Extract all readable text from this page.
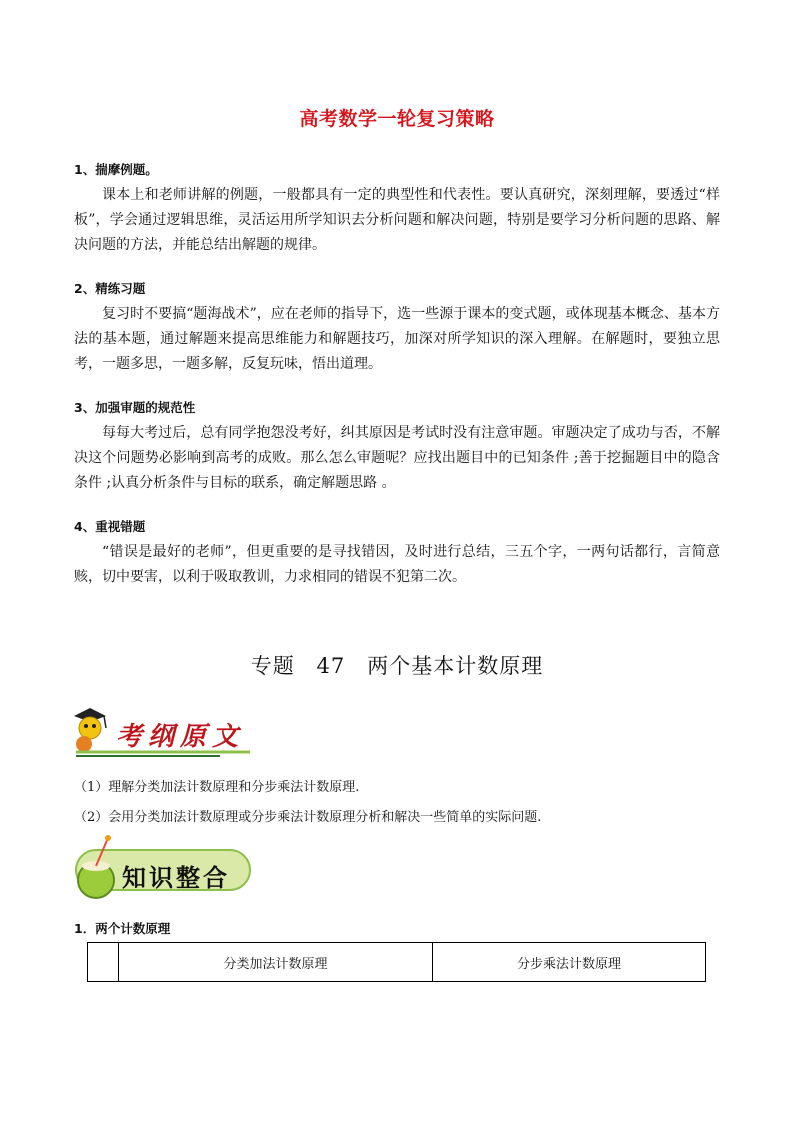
高考数学一轮复习策略
1、揣摩例题。
课本上和老师讲解的例题，一般都具有一定的典型性和代表性。要认真研究，深刻理解，要透过“样板”，学会通过逻辑思维，灵活运用所学知识去分析问题和解决问题，特别是要学习分析问题的思路、解决问题的方法，并能总结出解题的规律。
2、精练习题
复习时不要搞“题海战术”，应在老师的指导下，选一些源于课本的变式题，或体现基本概念、基本方法的基本题，通过解题来提高思维能力和解题技巧，加深对所学知识的深入理解。在解题时，要独立思考，一题多思，一题多解，反复玩味，悟出道理。
3、加强审题的规范性
每每大考过后，总有同学抱怨没考好，纠其原因是考试时没有注意审题。审题决定了成功与否，不解决这个问题势必影响到高考的成败。那么怎么审题呢？应找出题目中的已知条件 ;善于挖掘题目中的隐含条件 ;认真分析条件与目标的联系，确定解题思路 。
4、重视错题
“错误是最好的老师”，但更重要的是寻找错因，及时进行总结，三五个字，一两句话都行，言简意赅，切中要害，以利于吸取教训，力求相同的错误不犯第二次。
专题 47　两个基本计数原理
考纲原文
（1）理解分类加法计数原理和分步乘法计数原理.
（2）会用分类加法计数原理或分步乘法计数原理分析和解决一些简单的实际问题.
知识整合
1．两个计数原理
	分类加法计数原理	分步乘法计数原理
